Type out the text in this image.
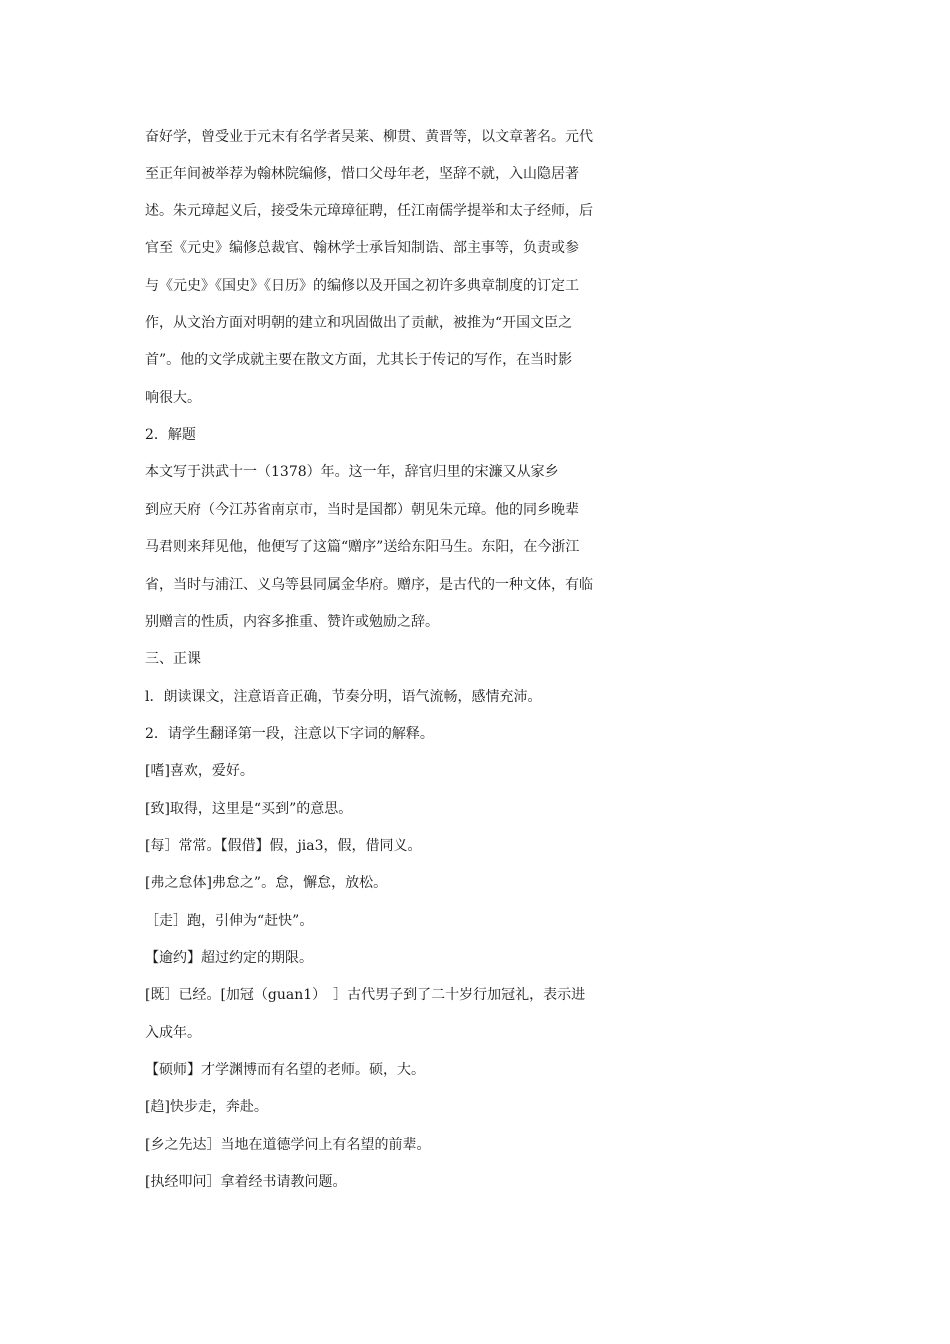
奋好学，曾受业于元末有名学者吴莱、柳贯、黄晋等，以文章著名。元代
至正年间被举荐为翰林院编修，惜口父母年老，坚辞不就，入山隐居著
述。朱元璋起义后，接受朱元璋璋征聘，任江南儒学提举和太子经师，后
官至《元史》编修总裁官、翰林学士承旨知制诰、部主事等，负责或参
与《元史》《国史》《日历》的编修以及开国之初许多典章制度的订定工
作，从文治方面对明朝的建立和巩固做出了贡献，被推为“开国文臣之
首”。他的文学成就主要在散文方面，尤其长于传记的写作，在当时影
响很大。
2．解题
本文写于洪武十一（1378）年。这一年，辞官归里的宋濂又从家乡
到应天府（今江苏省南京市，当时是国都）朝见朱元璋。他的同乡晚辈
马君则来拜见他，他便写了这篇“赠序”送给东阳马生。东阳，在今浙江
省，当时与浦江、义乌等县同属金华府。赠序，是古代的一种文体，有临
别赠言的性质，内容多推重、赞许或勉励之辞。
三、正课
l．朗读课文，注意语音正确，节奏分明，语气流畅，感情充沛。
2．请学生翻译第一段，注意以下字词的解释。
[嗜]喜欢，爱好。
[致]取得，这里是“买到”的意思。
[每］常常。【假借】假，jia3，假，借同义。
[弗之怠体]弗怠之”。怠，懈怠，放松。
［走］跑，引伸为“赶快”。
【逾约】超过约定的期限。
[既］已经。[加冠（guan1）　］古代男子到了二十岁行加冠礼，表示进
入成年。
【硕师】才学渊博而有名望的老师。硕，大。
[趋]快步走，奔赴。
[乡之先达］当地在道德学问上有名望的前辈。
[执经叩问］拿着经书请教问题。
